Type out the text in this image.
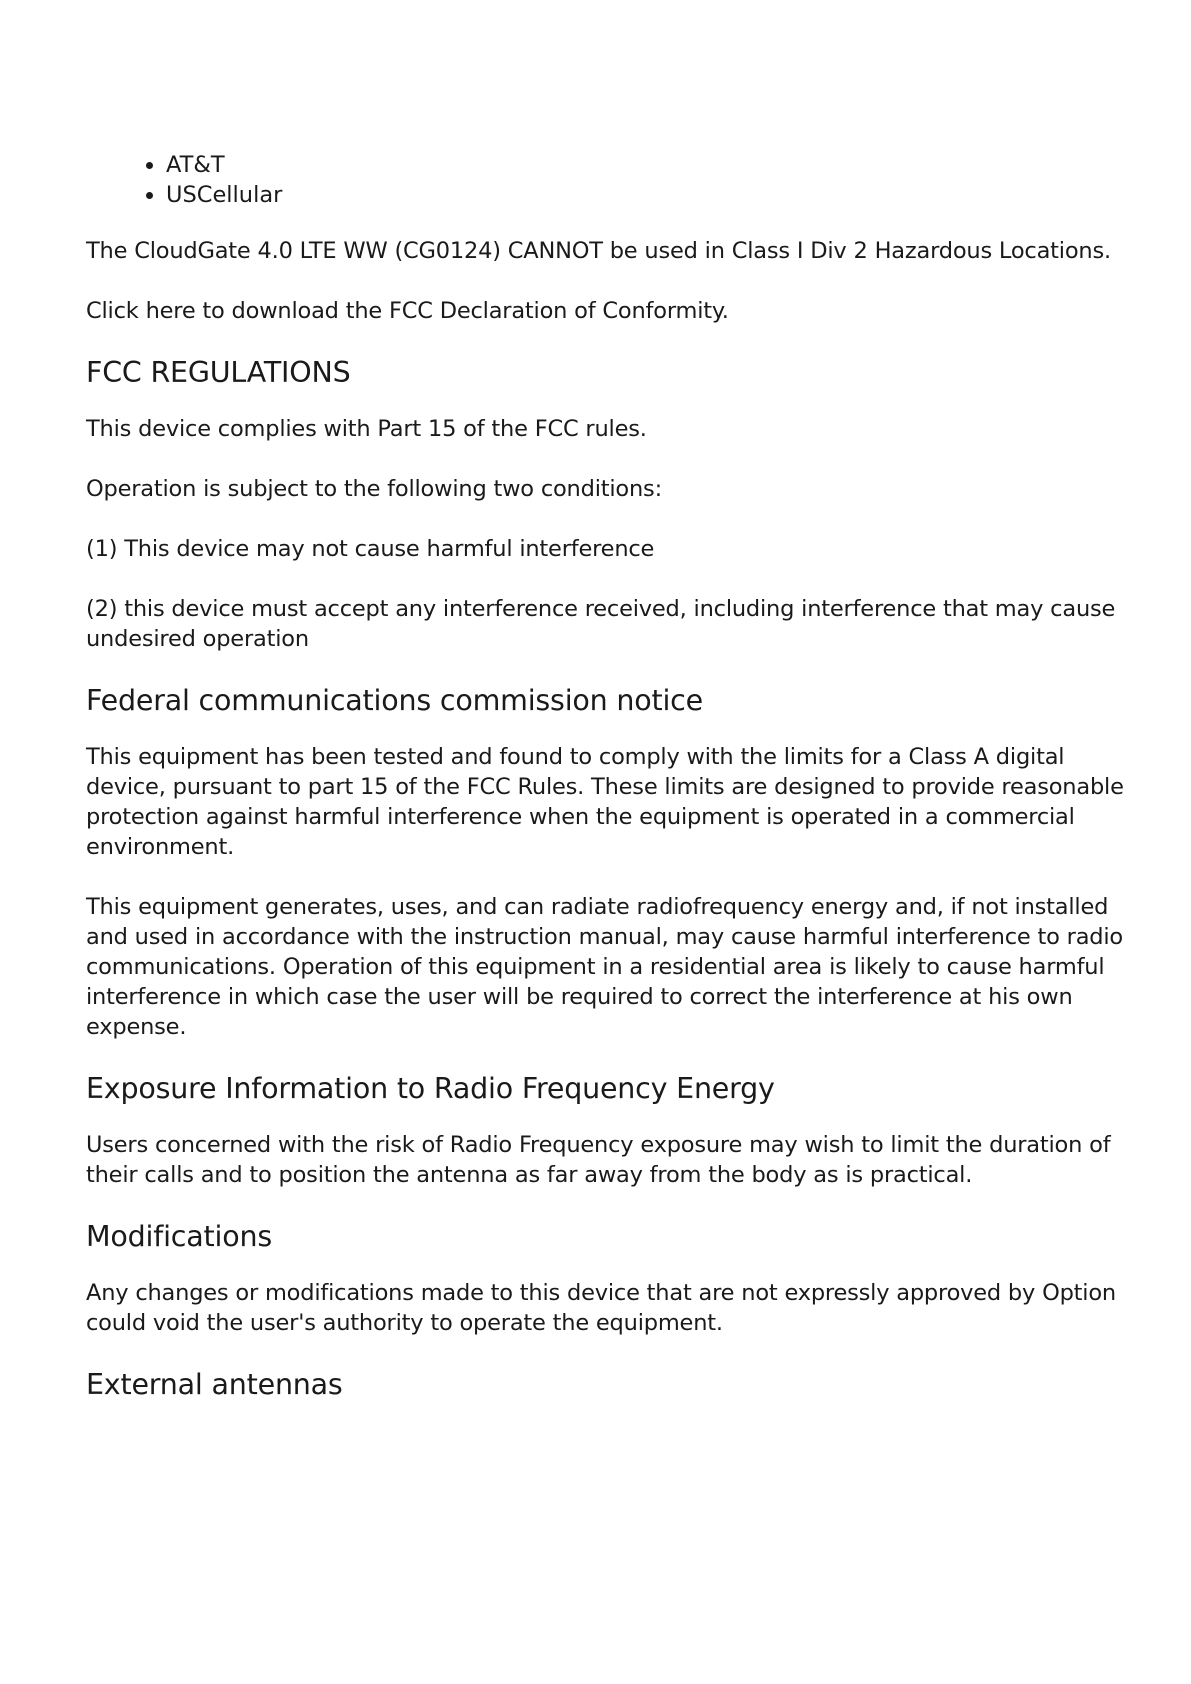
• AT&T
• USCellular

The CloudGate 4.0 LTE WW (CG0124) CANNOT be used in Class I Div 2 Hazardous Locations.

Click here to download the FCC Declaration of Conformity.

FCC REGULATIONS

This device complies with Part 15 of the FCC rules.

Operation is subject to the following two conditions:

(1) This device may not cause harmful interference

(2) this device must accept any interference received, including interference that may cause undesired operation

Federal communications commission notice

This equipment has been tested and found to comply with the limits for a Class A digital device, pursuant to part 15 of the FCC Rules. These limits are designed to provide reasonable protection against harmful interference when the equipment is operated in a commercial environment.

This equipment generates, uses, and can radiate radiofrequency energy and, if not installed and used in accordance with the instruction manual, may cause harmful interference to radio communications. Operation of this equipment in a residential area is likely to cause harmful interference in which case the user will be required to correct the interference at his own expense.

Exposure Information to Radio Frequency Energy

Users concerned with the risk of Radio Frequency exposure may wish to limit the duration of their calls and to position the antenna as far away from the body as is practical.

Modifications

Any changes or modifications made to this device that are not expressly approved by Option could void the user's authority to operate the equipment.

External antennas
